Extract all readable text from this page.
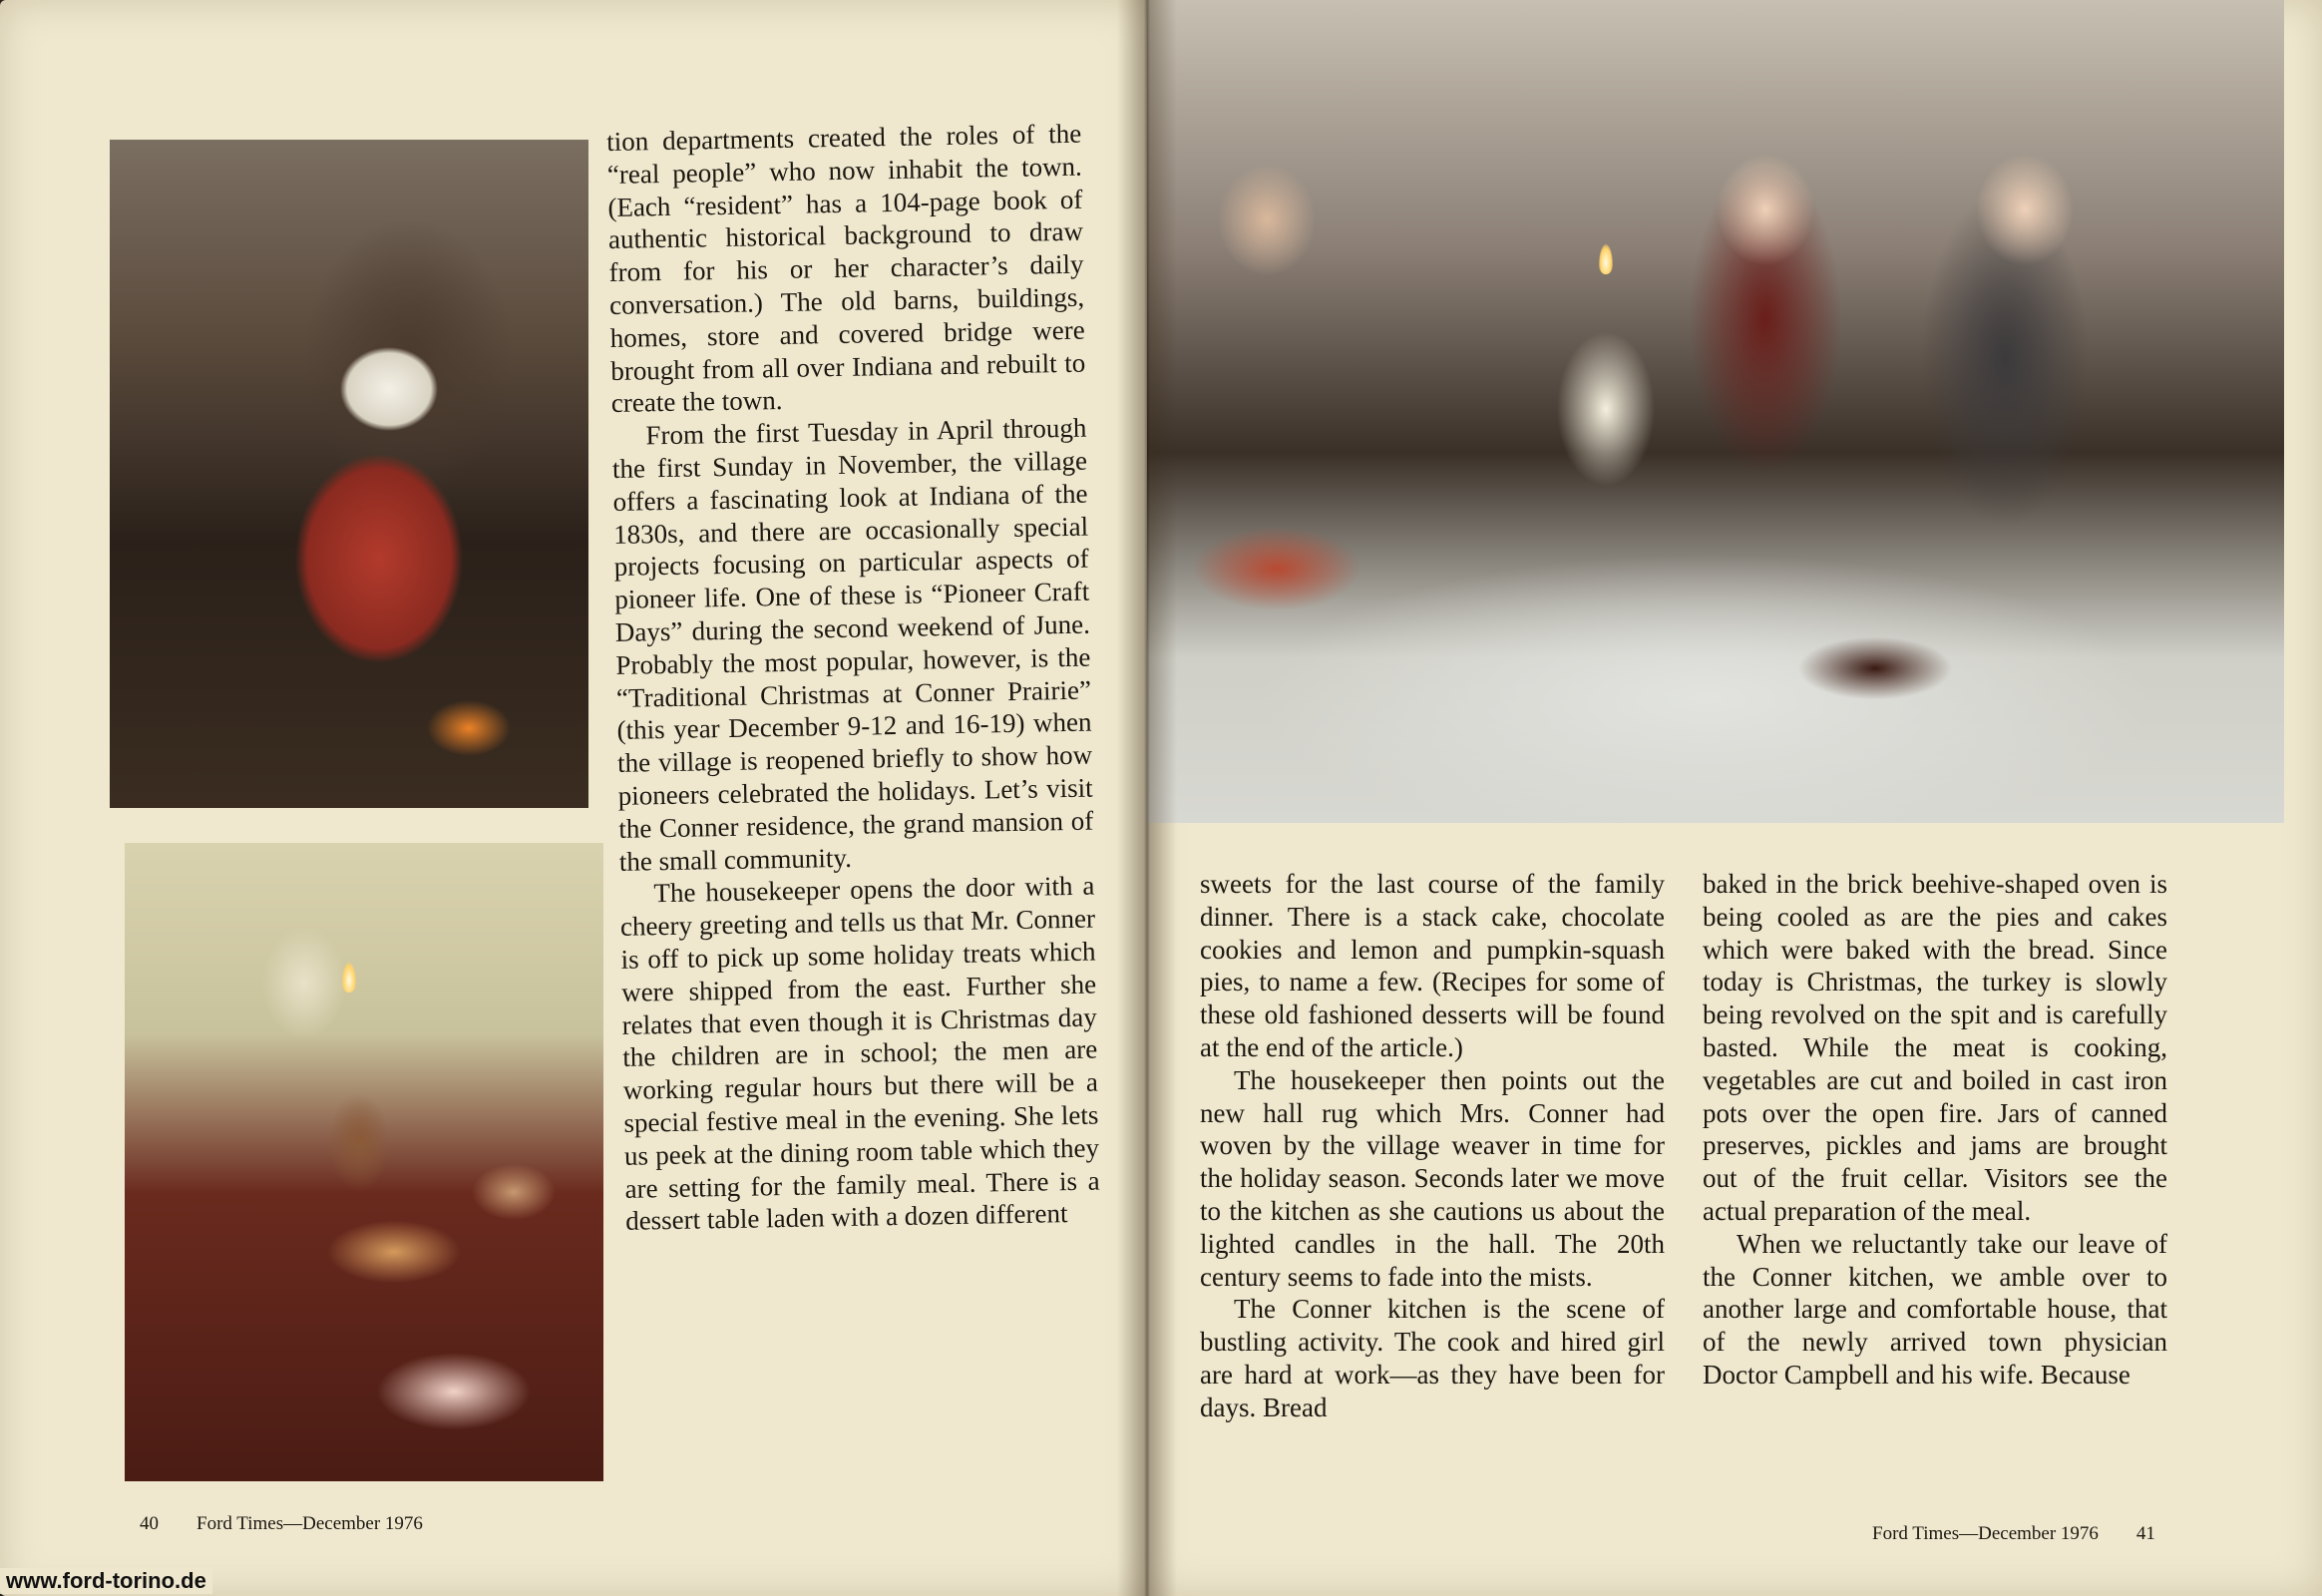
tion departments created the roles of the “real people” who now inhabit the town. (Each “resident” has a 104-page book of authentic historical background to draw from for his or her character’s daily conversation.) The old barns, buildings, homes, store and covered bridge were brought from all over Indiana and rebuilt to create the town.

From the first Tuesday in April through the first Sunday in November, the village offers a fascinating look at Indiana of the 1830s, and there are occasionally special projects focusing on particular aspects of pioneer life. One of these is “Pioneer Craft Days” during the second weekend of June. Probably the most popular, however, is the “Traditional Christmas at Conner Prairie” (this year December 9-12 and 16-19) when the village is reopened briefly to show how pioneers celebrated the holidays. Let’s visit the Conner residence, the grand mansion of the small community.

The housekeeper opens the door with a cheery greeting and tells us that Mr. Conner is off to pick up some holiday treats which were shipped from the east. Further she relates that even though it is Christmas day the children are in school; the men are working regular hours but there will be a special festive meal in the evening. She lets us peek at the dining room table which they are setting for the family meal. There is a dessert table laden with a dozen different

40  Ford Times—December 1976

sweets for the last course of the family dinner. There is a stack cake, chocolate cookies and lemon and pumpkin-squash pies, to name a few. (Recipes for some of these old fashioned desserts will be found at the end of the article.)

The housekeeper then points out the new hall rug which Mrs. Conner had woven by the village weaver in time for the holiday season. Seconds later we move to the kitchen as she cautions us about the lighted candles in the hall. The 20th century seems to fade into the mists.

The Conner kitchen is the scene of bustling activity. The cook and hired girl are hard at work—as they have been for days. Bread

baked in the brick beehive-shaped oven is being cooled as are the pies and cakes which were baked with the bread. Since today is Christmas, the turkey is slowly being revolved on the spit and is carefully basted. While the meat is cooking, vegetables are cut and boiled in cast iron pots over the open fire. Jars of canned preserves, pickles and jams are brought out of the fruit cellar. Visitors see the actual preparation of the meal.

When we reluctantly take our leave of the Conner kitchen, we amble over to another large and comfortable house, that of the newly arrived town physician Doctor Campbell and his wife. Because

Ford Times—December 1976  41
www.ford-torino.de
